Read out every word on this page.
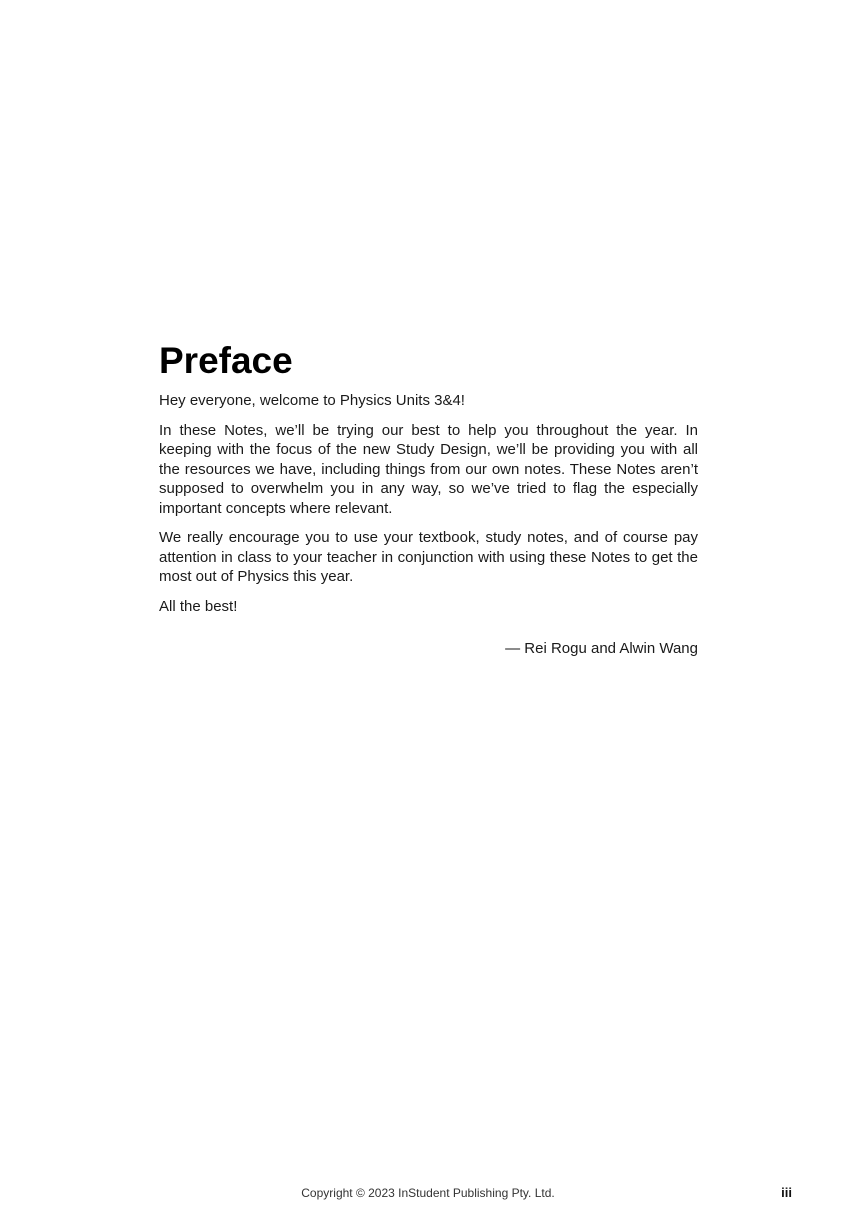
Preface

Hey everyone, welcome to Physics Units 3&4!

In these Notes, we’ll be trying our best to help you throughout the year. In keeping with the focus of the new Study Design, we’ll be providing you with all the resources we have, including things from our own notes. These Notes aren’t supposed to overwhelm you in any way, so we’ve tried to flag the especially important concepts where relevant.

We really encourage you to use your textbook, study notes, and of course pay attention in class to your teacher in conjunction with using these Notes to get the most out of Physics this year.

All the best!

— Rei Rogu and Alwin Wang
Copyright © 2023 InStudent Publishing Pty. Ltd.	iii
